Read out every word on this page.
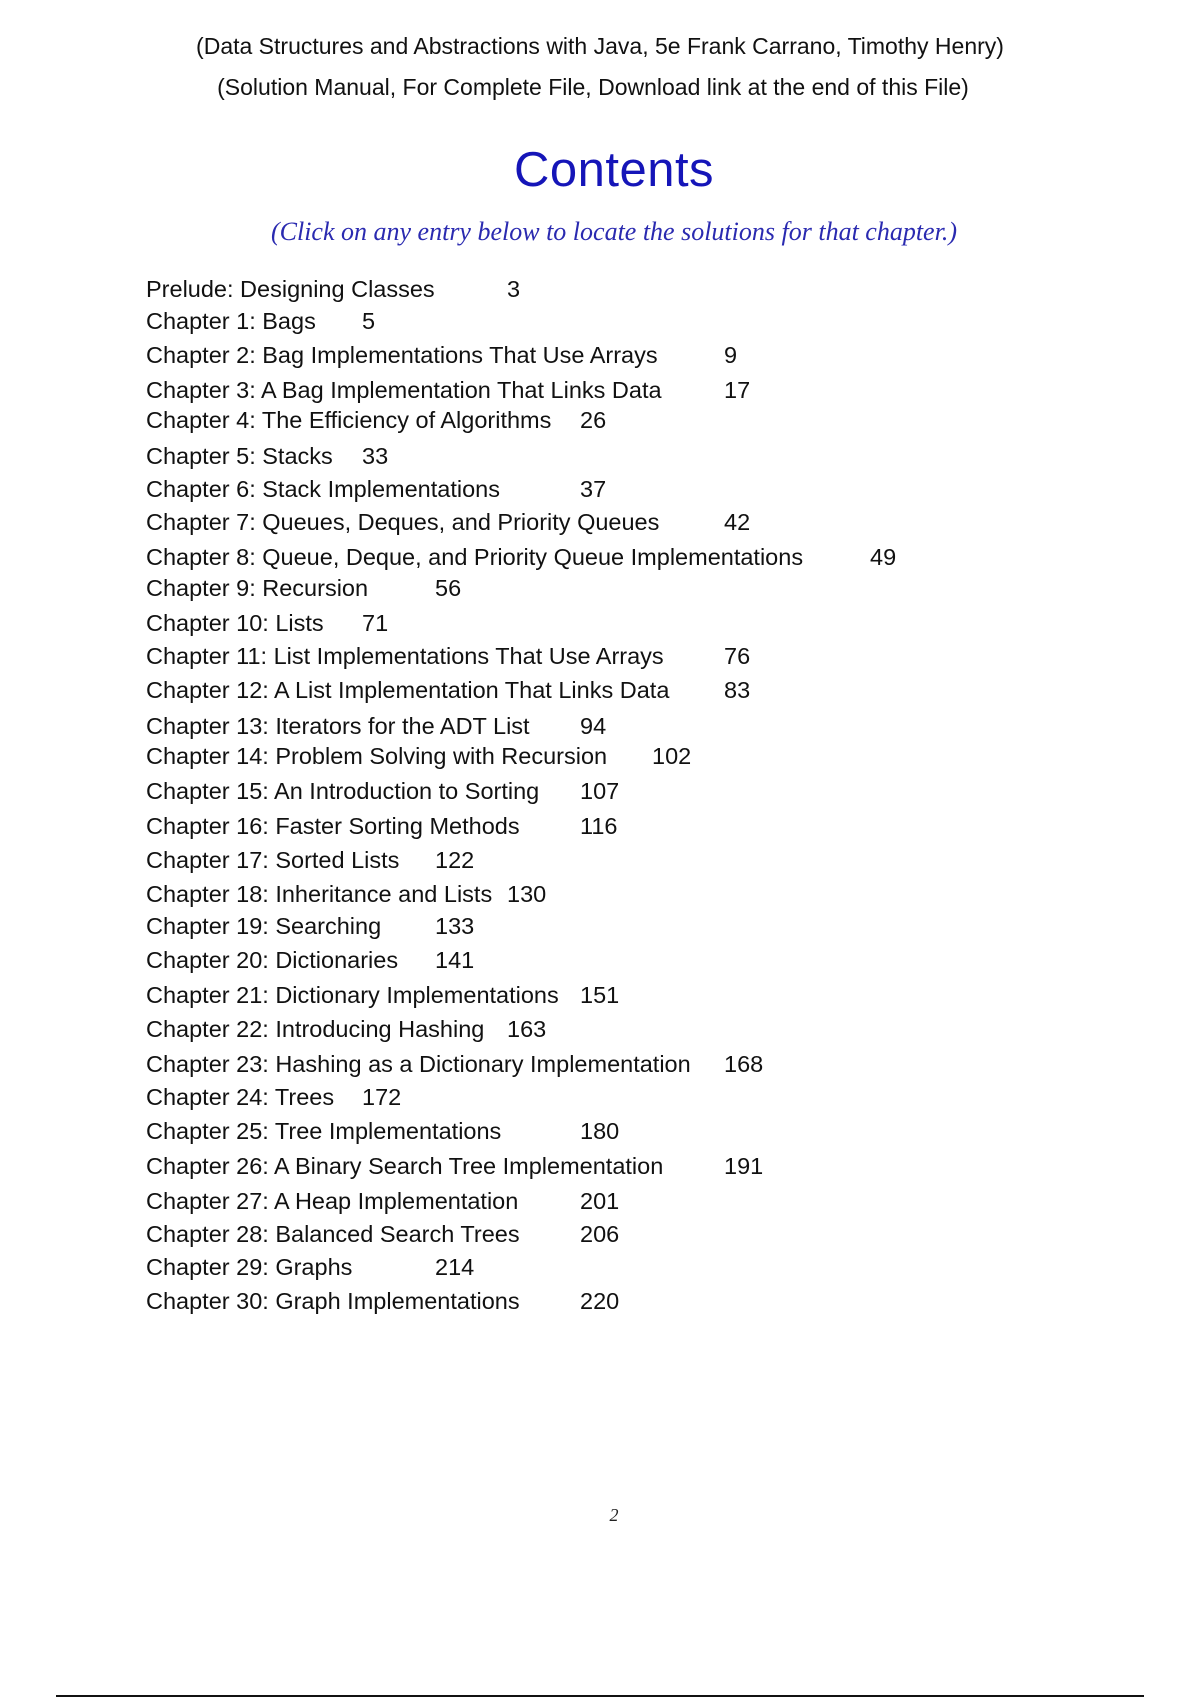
(Data Structures and Abstractions with Java, 5e Frank Carrano, Timothy Henry)
(Solution Manual, For Complete File, Download link at the end of this File)
Contents
(Click on any entry below to locate the solutions for that chapter.)
Prelude: Designing Classes	3
Chapter 1: Bags 5
Chapter 2: Bag Implementations That Use Arrays	9
Chapter 3: A Bag Implementation That Links Data	17
Chapter 4: The Efficiency of Algorithms 26
Chapter 5: Stacks 33
Chapter 6: Stack Implementations	37
Chapter 7: Queues, Deques, and Priority Queues	42
Chapter 8: Queue, Deque, and Priority Queue Implementations	49
Chapter 9: Recursion	56
Chapter 10: Lists 71
Chapter 11: List Implementations That Use Arrays	76
Chapter 12: A List Implementation That Links Data 83
Chapter 13: Iterators for the ADT List 94
Chapter 14: Problem Solving with Recursion 102
Chapter 15: An Introduction to Sorting 107
Chapter 16: Faster Sorting Methods	116
Chapter 17: Sorted Lists 122
Chapter 18: Inheritance and Lists 130
Chapter 19: Searching 133
Chapter 20: Dictionaries 141
Chapter 21: Dictionary Implementations 151
Chapter 22: Introducing Hashing 163
Chapter 23: Hashing as a Dictionary Implementation 168
Chapter 24: Trees 172
Chapter 25: Tree Implementations	180
Chapter 26: A Binary Search Tree Implementation	191
Chapter 27: A Heap Implementation	201
Chapter 28: Balanced Search Trees	206
Chapter 29: Graphs	214
Chapter 30: Graph Implementations	220
2
